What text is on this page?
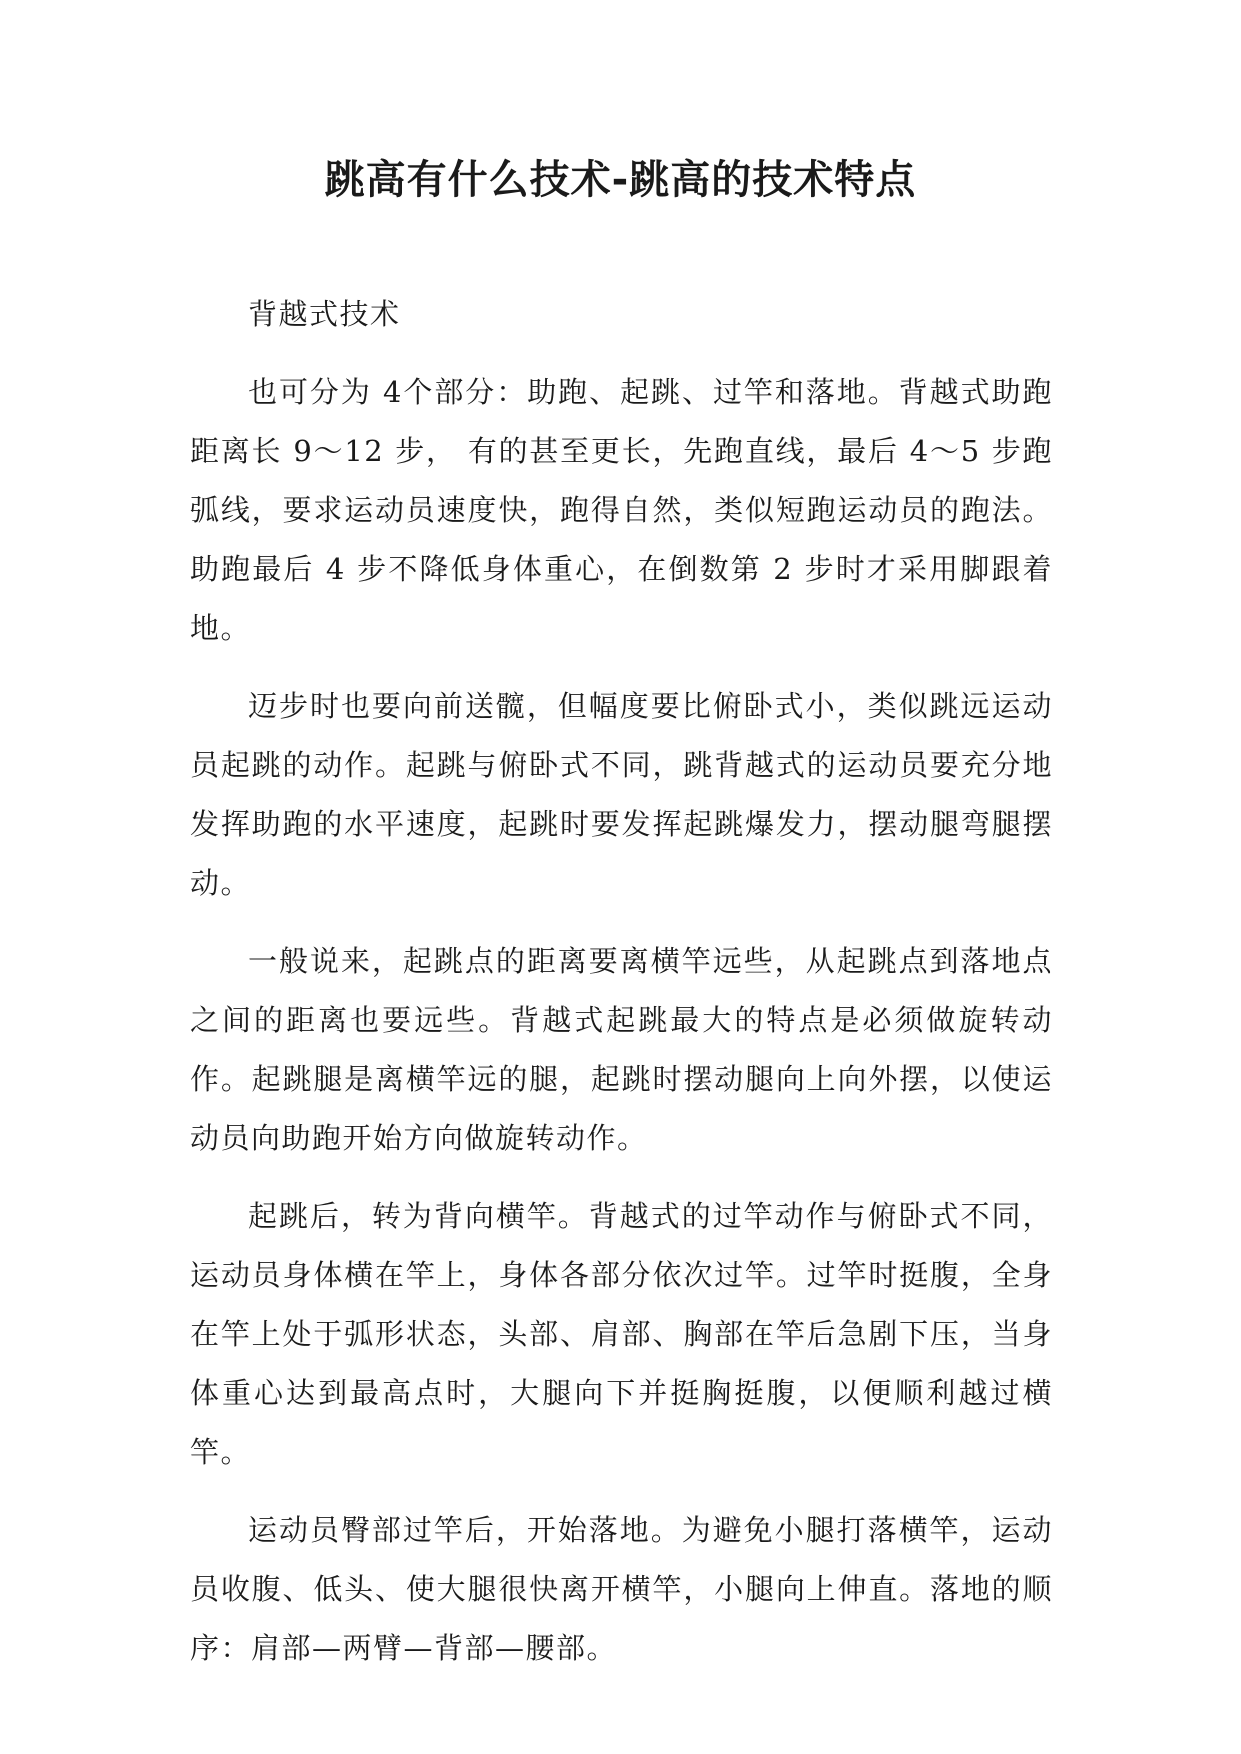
跳高有什么技术-跳高的技术特点

背越式技术

也可分为 4个部分：助跑、起跳、过竿和落地。背越式助跑距离长 9～12 步， 有的甚至更长，先跑直线，最后 4～5 步跑弧线，要求运动员速度快，跑得自然，类似短跑运动员的跑法。助跑最后 4 步不降低身体重心，在倒数第 2 步时才采用脚跟着地。

迈步时也要向前送髋，但幅度要比俯卧式小，类似跳远运动员起跳的动作。起跳与俯卧式不同，跳背越式的运动员要充分地发挥助跑的水平速度，起跳时要发挥起跳爆发力，摆动腿弯腿摆动。

一般说来，起跳点的距离要离横竿远些，从起跳点到落地点之间的距离也要远些。背越式起跳最大的特点是必须做旋转动作。起跳腿是离横竿远的腿，起跳时摆动腿向上向外摆，以使运动员向助跑开始方向做旋转动作。

起跳后，转为背向横竿。背越式的过竿动作与俯卧式不同，运动员身体横在竿上，身体各部分依次过竿。过竿时挺腹，全身在竿上处于弧形状态，头部、肩部、胸部在竿后急剧下压，当身体重心达到最高点时，大腿向下并挺胸挺腹，以便顺利越过横竿。

运动员臀部过竿后，开始落地。为避免小腿打落横竿，运动员收腹、低头、使大腿很快离开横竿，小腿向上伸直。落地的顺序：肩部—两臂—背部—腰部。
